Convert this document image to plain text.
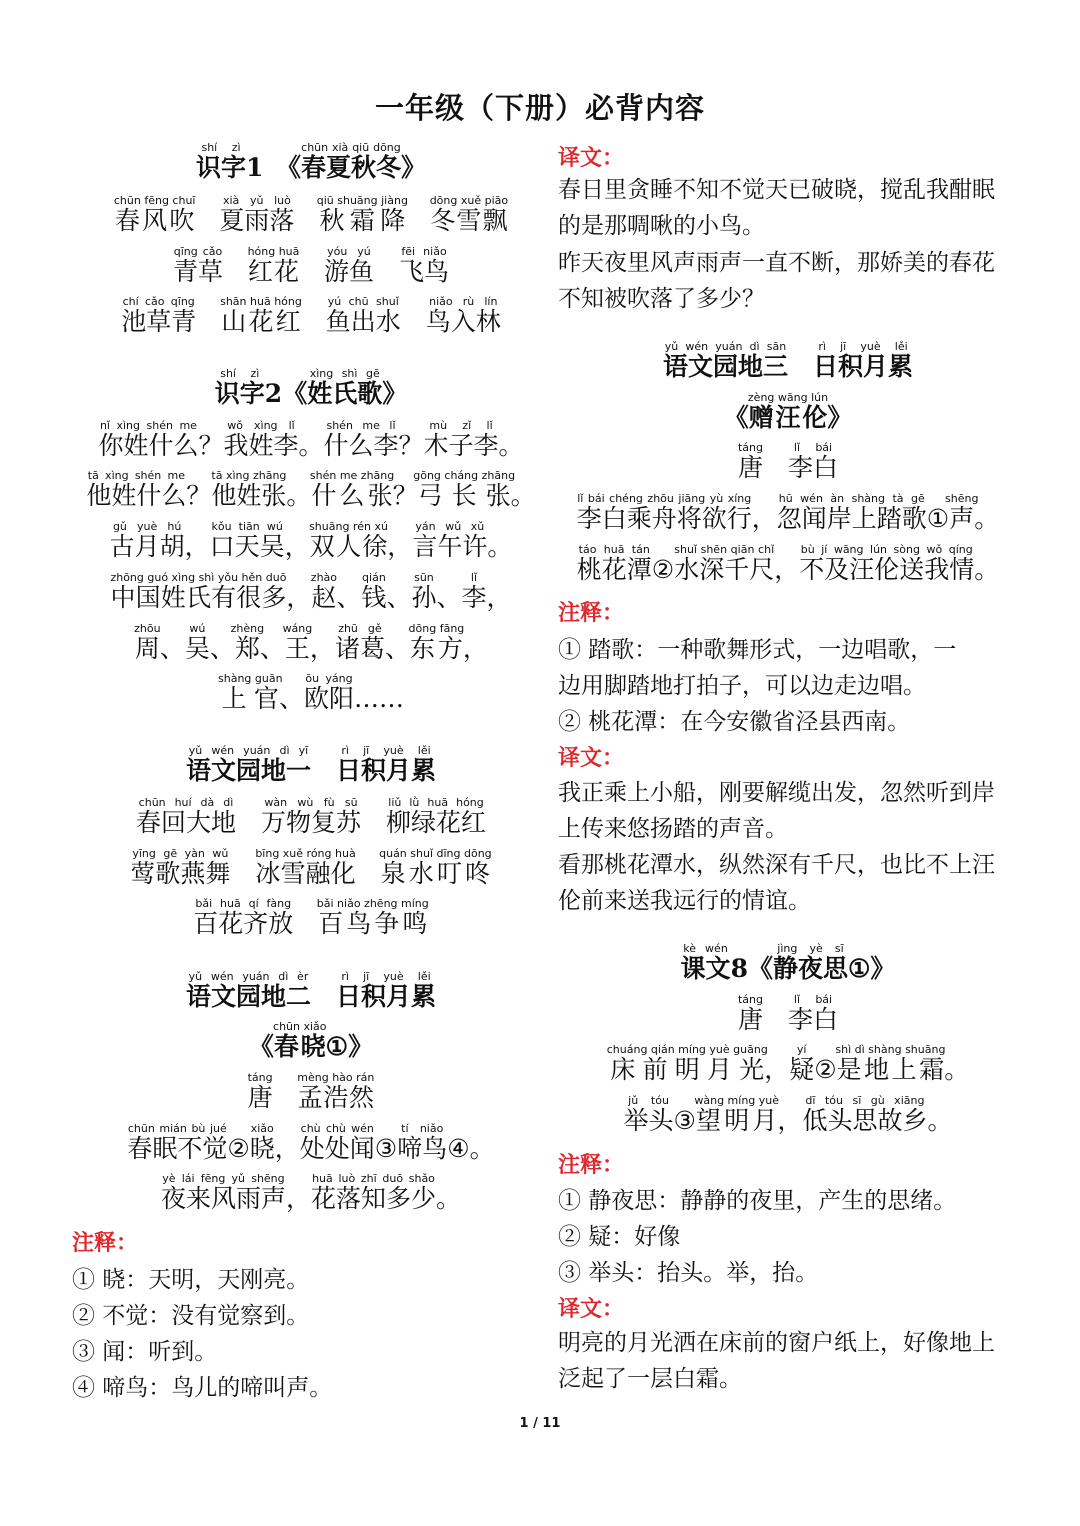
一年级（下册）必背内容
识字shí zì1　 《春夏秋冬chūn xià qiū dōng》
春风吹chūn fēng chuī　夏雨落xià yǔ luò　秋霜降qiū shuāng jiàng　冬雪飘dōng xuě piāo
青草qīng cǎo　红花hóng huā　游鱼yóu yú　飞鸟fēi niǎo
池草青chí cǎo qīng　山花红shān huā hóng　鱼出水yú chū shuǐ　鸟入林niǎo rù lín
识字shí zì2《姓氏歌xìng shì gē》
你姓什么nǐ xìng shén me？我姓李wǒ xìng lǐ。什么李shén me lǐ？木子李mù zǐ lǐ。
他姓什么tā xìng shén me？他姓张tā xìng zhāng。什么张shén me zhāng？弓长张gōng cháng zhāng。
古月胡gǔ yuè hú，口天吴kǒu tiān wú，双人徐shuāng rén xú，言午许yán wǔ xǔ。
中国姓氏有很多zhōng guó xìng shì yǒu hěn duō，赵zhào、钱qián、孙sūn、李lǐ，
周zhōu、吴wú、郑zhèng、王wáng，诸葛zhū gě、东方dōng fāng，
上官shàng guān、欧阳ōu yáng……
语文园地一yǔ wén yuán dì yī　日积月累rì jī yuè lěi
春回大地chūn huí dà dì　万物复苏wàn wù fù sū　柳绿花红liǔ lǜ huā hóng
莺歌燕舞yīng gē yàn wǔ　冰雪融化bīng xuě róng huà　泉水叮咚quán shuǐ dīng dōng
百花齐放bǎi huā qí fàng　百鸟争鸣bǎi niǎo zhēng míng
语文园地二yǔ wén yuán dì èr　日积月累rì jī yuè lěi
《春晓chūn xiǎo①》
唐táng　孟浩然mèng hào rán
春眠不觉chūn mián bù jué②晓xiǎo，处处闻chù chù wén③啼鸟tí niǎo④。
夜来风雨声yè lái fēng yǔ shēng，花落知多少huā luò zhī duō shǎo。
注释：
① 晓：天明，天刚亮。
② 不觉：没有觉察到。
③ 闻：听到。
④ 啼鸟：鸟儿的啼叫声。
译文：
春日里贪睡不知不觉天已破晓，搅乱我酣眠的是那啁啾的小鸟。
昨天夜里风声雨声一直不断，那娇美的春花不知被吹落了多少？
语文园地三yǔ wén yuán dì sān　日积月累rì jī yuè lěi
《赠汪伦zèng wāng lún》
唐táng　李白lǐ bái
李白乘舟将欲行lǐ bái chéng zhōu jiāng yù xíng，忽闻岸上踏歌hū wén àn shàng tà gē①声shēng。
桃花潭táo huā tán②水深千尺shuǐ shēn qiān chǐ，不及汪伦送我情bù jí wāng lún sòng wǒ qíng。
注释：
① 踏歌：一种歌舞形式，一边唱歌，一
边用脚踏地打拍子，可以边走边唱。
② 桃花潭：在今安徽省泾县西南。
译文：
我正乘上小船，刚要解缆出发，忽然听到岸上传来悠扬踏的声音。
看那桃花潭水，纵然深有千尺，也比不上汪伦前来送我远行的情谊。
课文kè wén8《静夜思jìng yè sī①》
唐táng　李白lǐ bái
床前明月光chuáng qián míng yuè guāng，疑yí②是地上霜shì dì shàng shuāng。
举头jǔ tóu③望明月wàng míng yuè，低头思故乡dī tóu sī gù xiāng。
注释：
① 静夜思：静静的夜里，产生的思绪。
② 疑：好像
③ 举头：抬头。举，抬。
译文：
明亮的月光洒在床前的窗户纸上，好像地上泛起了一层白霜。
1 / 11
